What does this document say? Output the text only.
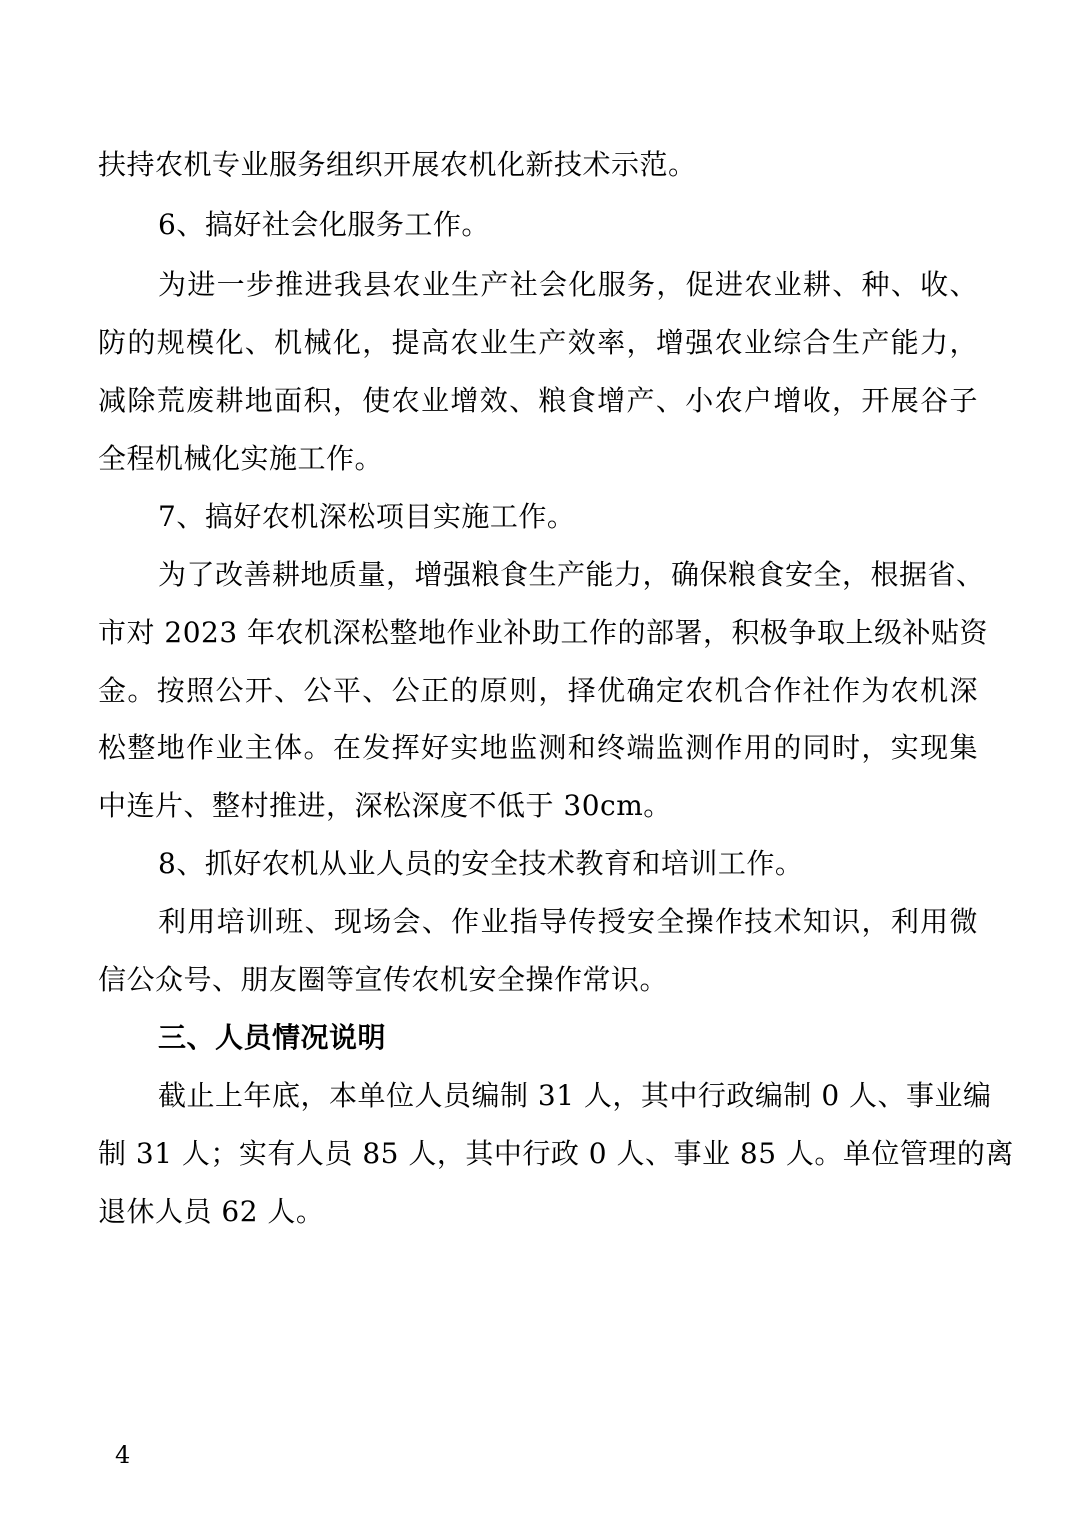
扶持农机专业服务组织开展农机化新技术示范。
6、搞好社会化服务工作。
为进一步推进我县农业生产社会化服务，促进农业耕、种、收、
防的规模化、机械化，提高农业生产效率，增强农业综合生产能力，
减除荒废耕地面积，使农业增效、粮食增产、小农户增收，开展谷子
全程机械化实施工作。
7、搞好农机深松项目实施工作。
为了改善耕地质量，增强粮食生产能力，确保粮食安全，根据省、
市对 2023 年农机深松整地作业补助工作的部署，积极争取上级补贴资
金。按照公开、公平、公正的原则，择优确定农机合作社作为农机深
松整地作业主体。在发挥好实地监测和终端监测作用的同时，实现集
中连片、整村推进，深松深度不低于 30cm。
8、抓好农机从业人员的安全技术教育和培训工作。
利用培训班、现场会、作业指导传授安全操作技术知识，利用微
信公众号、朋友圈等宣传农机安全操作常识。
三、人员情况说明
截止上年底，本单位人员编制 31 人，其中行政编制 0 人、事业编
制 31 人；实有人员 85 人，其中行政 0 人、事业 85 人。单位管理的离
退休人员 62 人。
4
